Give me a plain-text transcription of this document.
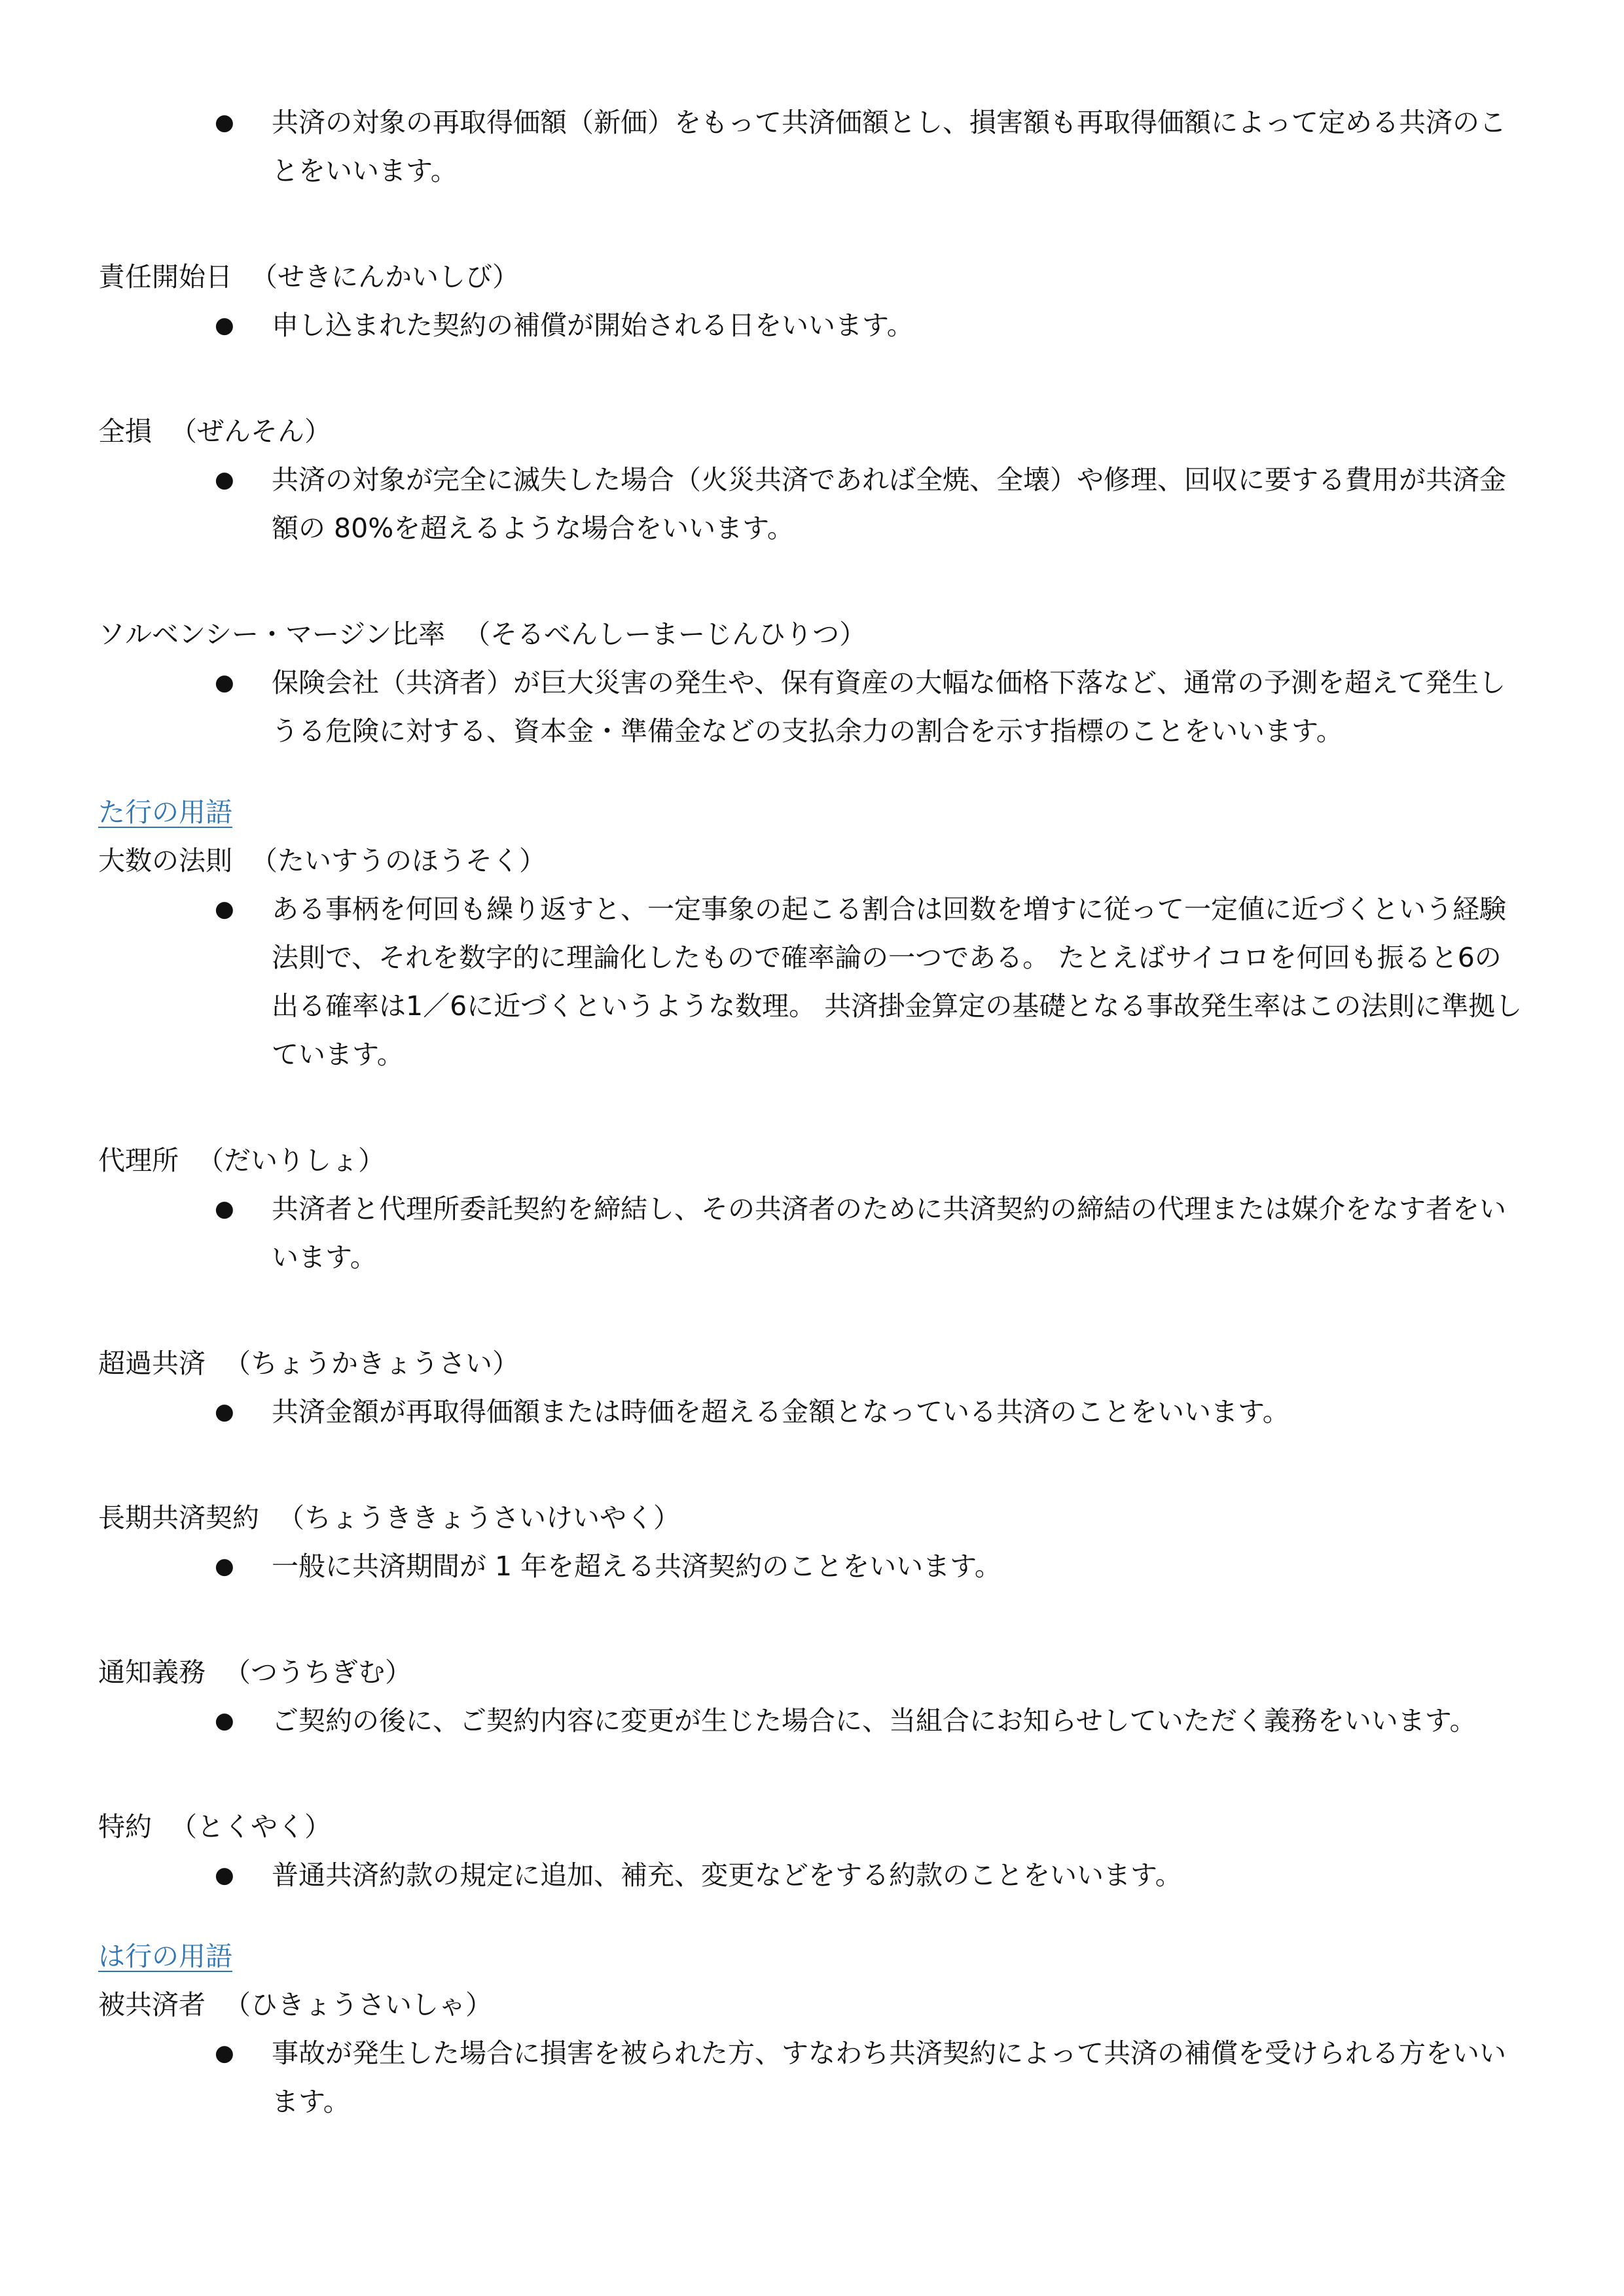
● 共済の対象の再取得価額（新価）をもって共済価額とし、損害額も再取得価額によって定める共済のことをいいます。

責任開始日 （せきにんかいしび）

● 申し込まれた契約の補償が開始される日をいいます。

全損 （ぜんそん）

● 共済の対象が完全に滅失した場合（火災共済であれば全焼、全壊）や修理、回収に要する費用が共済金額の 80%を超えるような場合をいいます。

ソルベンシー・マージン比率 （そるべんしーまーじんひりつ）

● 保険会社（共済者）が巨大災害の発生や、保有資産の大幅な価格下落など、通常の予測を超えて発生しうる危険に対する、資本金・準備金などの支払余力の割合を示す指標のことをいいます。

た行の用語

大数の法則 （たいすうのほうそく）

● ある事柄を何回も繰り返すと、一定事象の起こる割合は回数を増すに従って一定値に近づくという経験法則で、それを数字的に理論化したもので確率論の一つである。 たとえばサイコロを何回も振ると6の出る確率は1／6に近づくというような数理。 共済掛金算定の基礎となる事故発生率はこの法則に準拠しています。

代理所 （だいりしょ）

● 共済者と代理所委託契約を締結し、その共済者のために共済契約の締結の代理または媒介をなす者をいいます。

超過共済 （ちょうかきょうさい）

● 共済金額が再取得価額または時価を超える金額となっている共済のことをいいます。

長期共済契約 （ちょうききょうさいけいやく）

● 一般に共済期間が 1 年を超える共済契約のことをいいます。

通知義務 （つうちぎむ）

● ご契約の後に、ご契約内容に変更が生じた場合に、当組合にお知らせしていただく義務をいいます。

特約 （とくやく）

● 普通共済約款の規定に追加、補充、変更などをする約款のことをいいます。

は行の用語

被共済者 （ひきょうさいしゃ）

● 事故が発生した場合に損害を被られた方、すなわち共済契約によって共済の補償を受けられる方をいいます。
